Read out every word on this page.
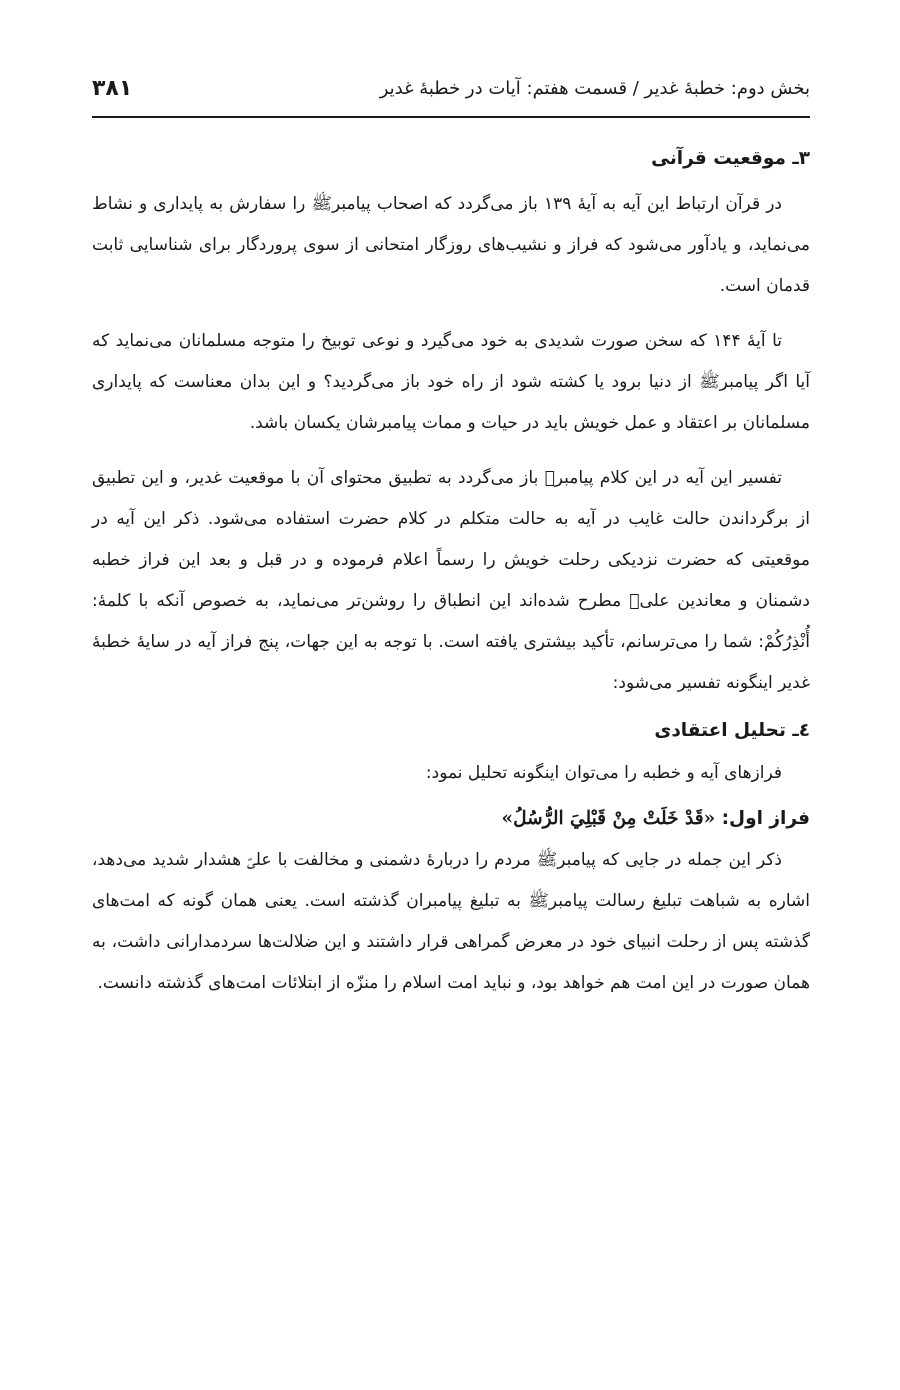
بخش دوم: خطبهٔ غدیر / قسمت هفتم: آیات در خطبهٔ غدیر
۳۸۱
۳ـ موقعیت قرآنی

در قرآن ارتباط این آیه به آیهٔ ۱۳۹ باز می‌گردد که اصحاب پیامبرﷺ را سفارش به پایداری و نشاط می‌نماید، و یادآور می‌شود که فراز و نشیب‌های روزگار امتحانی از سوی پروردگار برای شناسایی ثابت قدمان است.

تا آیهٔ ۱۴۴ که سخن صورت شدیدی به خود می‌گیرد و نوعی توبیخ را متوجه مسلمانان می‌نماید که آیا اگر پیامبرﷺ از دنیا برود یا کشته شود از راه خود باز می‌گردید؟ و این بدان معناست که پایداری مسلمانان بر اعتقاد و عمل خویش باید در حیات و ممات پیامبرشان یکسان باشد.

تفسیر این آیه در این کلام پیامبرﷺ باز می‌گردد به تطبیق محتوای آن با موقعیت غدیر، و این تطبیق از برگرداندن حالت غایب در آیه به حالت متکلم در کلام حضرت استفاده می‌شود. ذکر این آیه در موقعیتی که حضرت نزدیکی رحلت خویش را رسماً اعلام فرموده و در قبل و بعد این فراز خطبه دشمنان و معاندین علیؑ مطرح شده‌اند این انطباق را روشن‌تر می‌نماید، به خصوص آنکه با کلمهٔ: أُنْذِرُكُمْ: شما را می‌ترسانم، تأکید بیشتری یافته است. با توجه به این جهات، پنج فراز آیه در سایهٔ خطبهٔ غدیر اینگونه تفسیر می‌شود:

٤ـ تحلیل اعتقادی

فرازهای آیه و خطبه را می‌توان اینگونه تحلیل نمود:

فراز اول: «قَدْ خَلَتْ مِنْ قَبْلِيَ الرُّسُلُ»

ذکر این جمله در جایی که پیامبرﷺ مردم را دربارهٔ دشمنی و مخالفت با علیؑ هشدار شدید می‌دهد، اشاره به شباهت تبلیغ رسالت پیامبرﷺ به تبلیغ پیامبران گذشته است. یعنی همان گونه که امت‌های گذشته پس از رحلت انبیای خود در معرض گمراهی قرار داشتند و این ضلالت‌ها سردمدارانی داشت، به همان صورت در این امت هم خواهد بود، و نباید امت اسلام را منزّه از ابتلائات امت‌های گذشته دانست.
